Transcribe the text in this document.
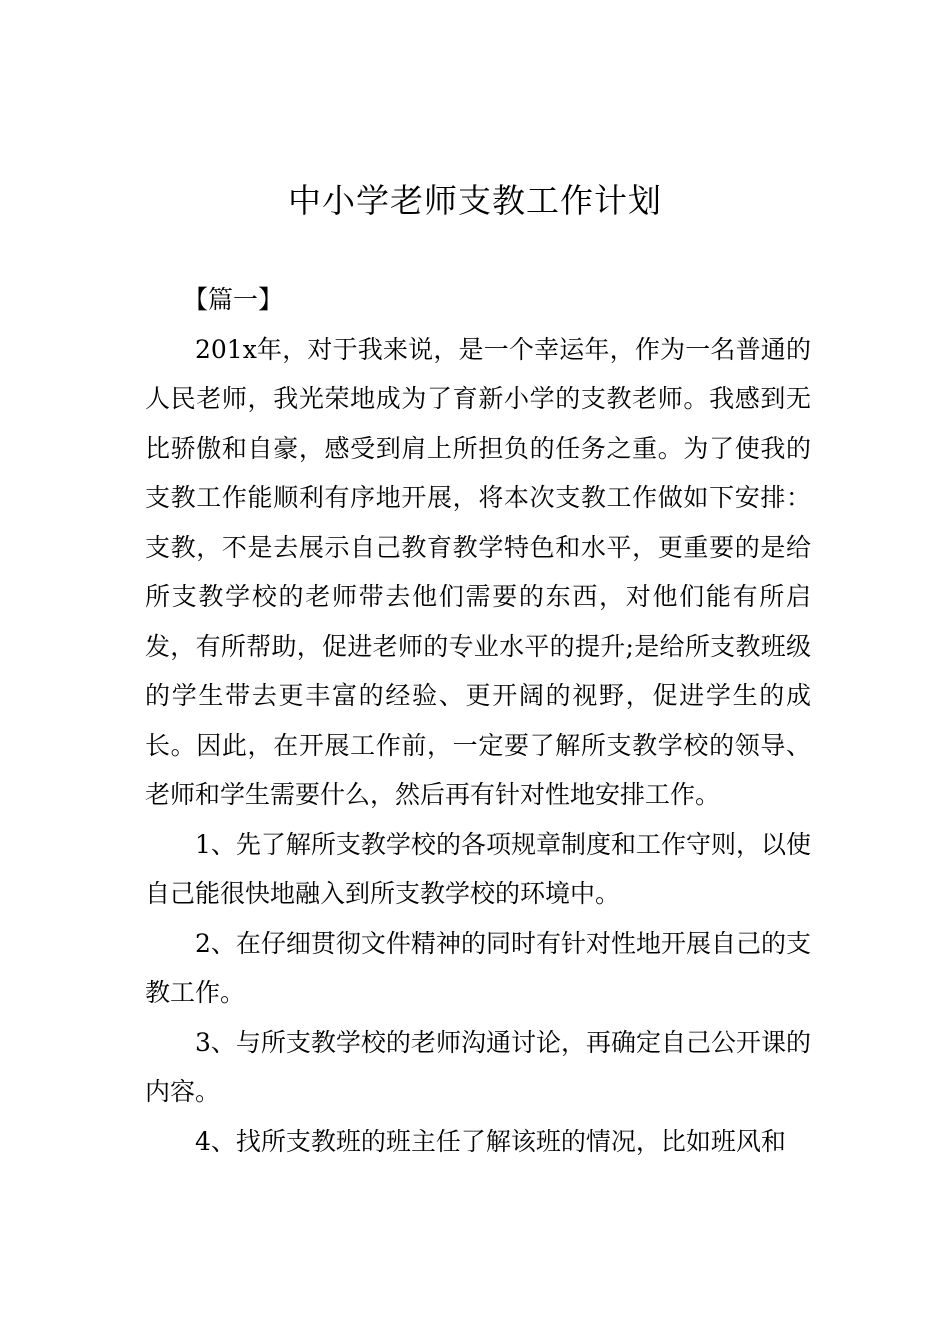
中小学老师支教工作计划

【篇一】

201x年，对于我来说，是一个幸运年，作为一名普通的人民老师，我光荣地成为了育新小学的支教老师。我感到无比骄傲和自豪，感受到肩上所担负的任务之重。为了使我的支教工作能顺利有序地开展，将本次支教工作做如下安排：支教，不是去展示自己教育教学特色和水平，更重要的是给所支教学校的老师带去他们需要的东西，对他们能有所启发，有所帮助，促进老师的专业水平的提升;是给所支教班级的学生带去更丰富的经验、更开阔的视野，促进学生的成长。因此，在开展工作前，一定要了解所支教学校的领导、老师和学生需要什么，然后再有针对性地安排工作。

1、先了解所支教学校的各项规章制度和工作守则，以使自己能很快地融入到所支教学校的环境中。

2、在仔细贯彻文件精神的同时有针对性地开展自己的支教工作。

3、与所支教学校的老师沟通讨论，再确定自己公开课的内容。

4、找所支教班的班主任了解该班的情况，比如班风和
